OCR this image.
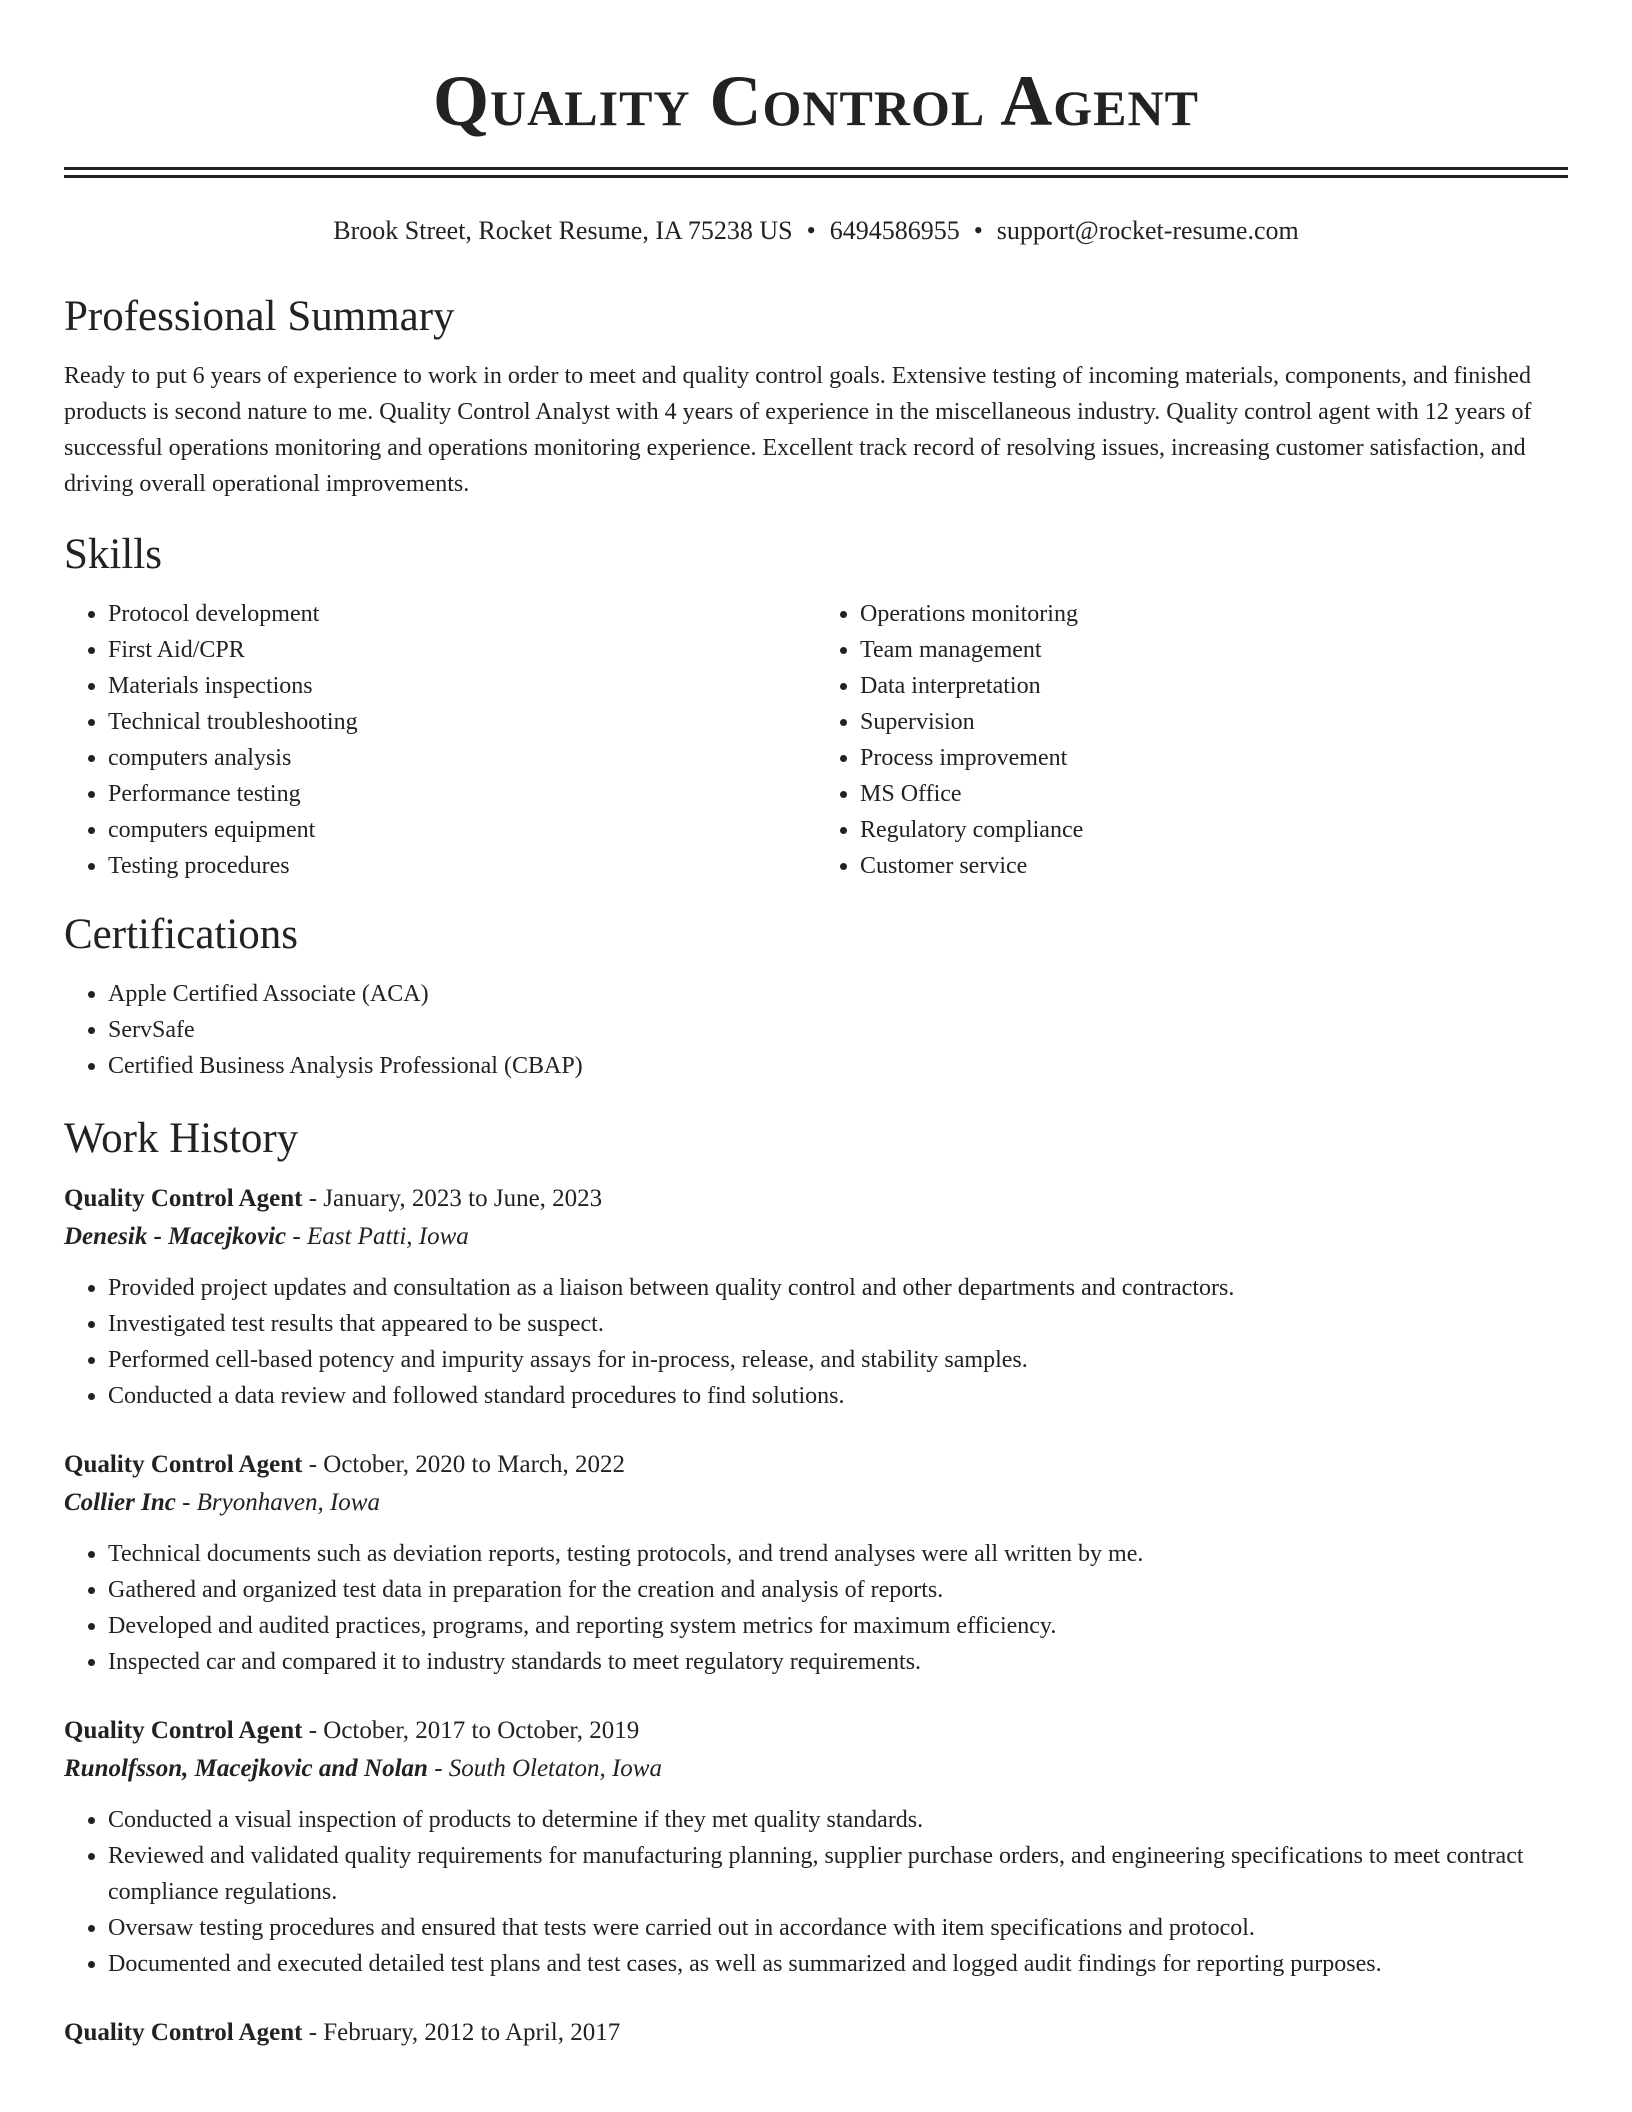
Quality Control Agent
Brook Street, Rocket Resume, IA 75238 US • 6494586955 • support@rocket-resume.com
Professional Summary

Ready to put 6 years of experience to work in order to meet and quality control goals. Extensive testing of incoming materials, components, and finished products is second nature to me. Quality Control Analyst with 4 years of experience in the miscellaneous industry. Quality control agent with 12 years of successful operations monitoring and operations monitoring experience. Excellent track record of resolving issues, increasing customer satisfaction, and driving overall operational improvements.

Skills
• Protocol development
• First Aid/CPR
• Materials inspections
• Technical troubleshooting
• computers analysis
• Performance testing
• computers equipment
• Testing procedures
• Operations monitoring
• Team management
• Data interpretation
• Supervision
• Process improvement
• MS Office
• Regulatory compliance
• Customer service
Certifications
• Apple Certified Associate (ACA)
• ServSafe
• Certified Business Analysis Professional (CBAP)
Work History
Quality Control Agent - January, 2023 to June, 2023
Denesik - Macejkovic - East Patti, Iowa
• Provided project updates and consultation as a liaison between quality control and other departments and contractors.
• Investigated test results that appeared to be suspect.
• Performed cell-based potency and impurity assays for in-process, release, and stability samples.
• Conducted a data review and followed standard procedures to find solutions.
Quality Control Agent - October, 2020 to March, 2022
Collier Inc - Bryonhaven, Iowa
• Technical documents such as deviation reports, testing protocols, and trend analyses were all written by me.
• Gathered and organized test data in preparation for the creation and analysis of reports.
• Developed and audited practices, programs, and reporting system metrics for maximum efficiency.
• Inspected car and compared it to industry standards to meet regulatory requirements.
Quality Control Agent - October, 2017 to October, 2019
Runolfsson, Macejkovic and Nolan - South Oletaton, Iowa
• Conducted a visual inspection of products to determine if they met quality standards.
• Reviewed and validated quality requirements for manufacturing planning, supplier purchase orders, and engineering specifications to meet contract compliance regulations.
• Oversaw testing procedures and ensured that tests were carried out in accordance with item specifications and protocol.
• Documented and executed detailed test plans and test cases, as well as summarized and logged audit findings for reporting purposes.
Quality Control Agent - February, 2012 to April, 2017
